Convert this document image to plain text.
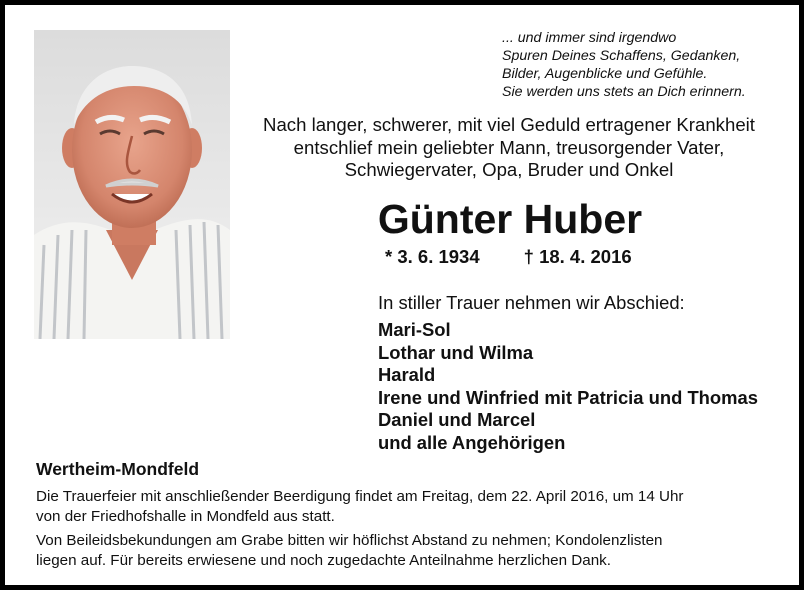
... und immer sind irgendwo
Spuren Deines Schaffens, Gedanken,
Bilder, Augenblicke und Gefühle.
Sie werden uns stets an Dich erinnern.
Nach langer, schwerer, mit viel Geduld ertragener Krankheit
entschlief mein geliebter Mann, treusorgender Vater,
Schwiegervater, Opa, Bruder und Onkel
Günter Huber
* 3. 6. 1934 † 18. 4. 2016
In stiller Trauer nehmen wir Abschied:
Mari-Sol
Lothar und Wilma
Harald
Irene und Winfried mit Patricia und Thomas
Daniel und Marcel
und alle Angehörigen
Wertheim-Mondfeld
Die Trauerfeier mit anschließender Beerdigung findet am Freitag, dem 22. April 2016, um 14 Uhr
von der Friedhofshalle in Mondfeld aus statt.
Von Beileidsbekundungen am Grabe bitten wir höflichst Abstand zu nehmen; Kondolenzlisten
liegen auf. Für bereits erwiesene und noch zugedachte Anteilnahme herzlichen Dank.
